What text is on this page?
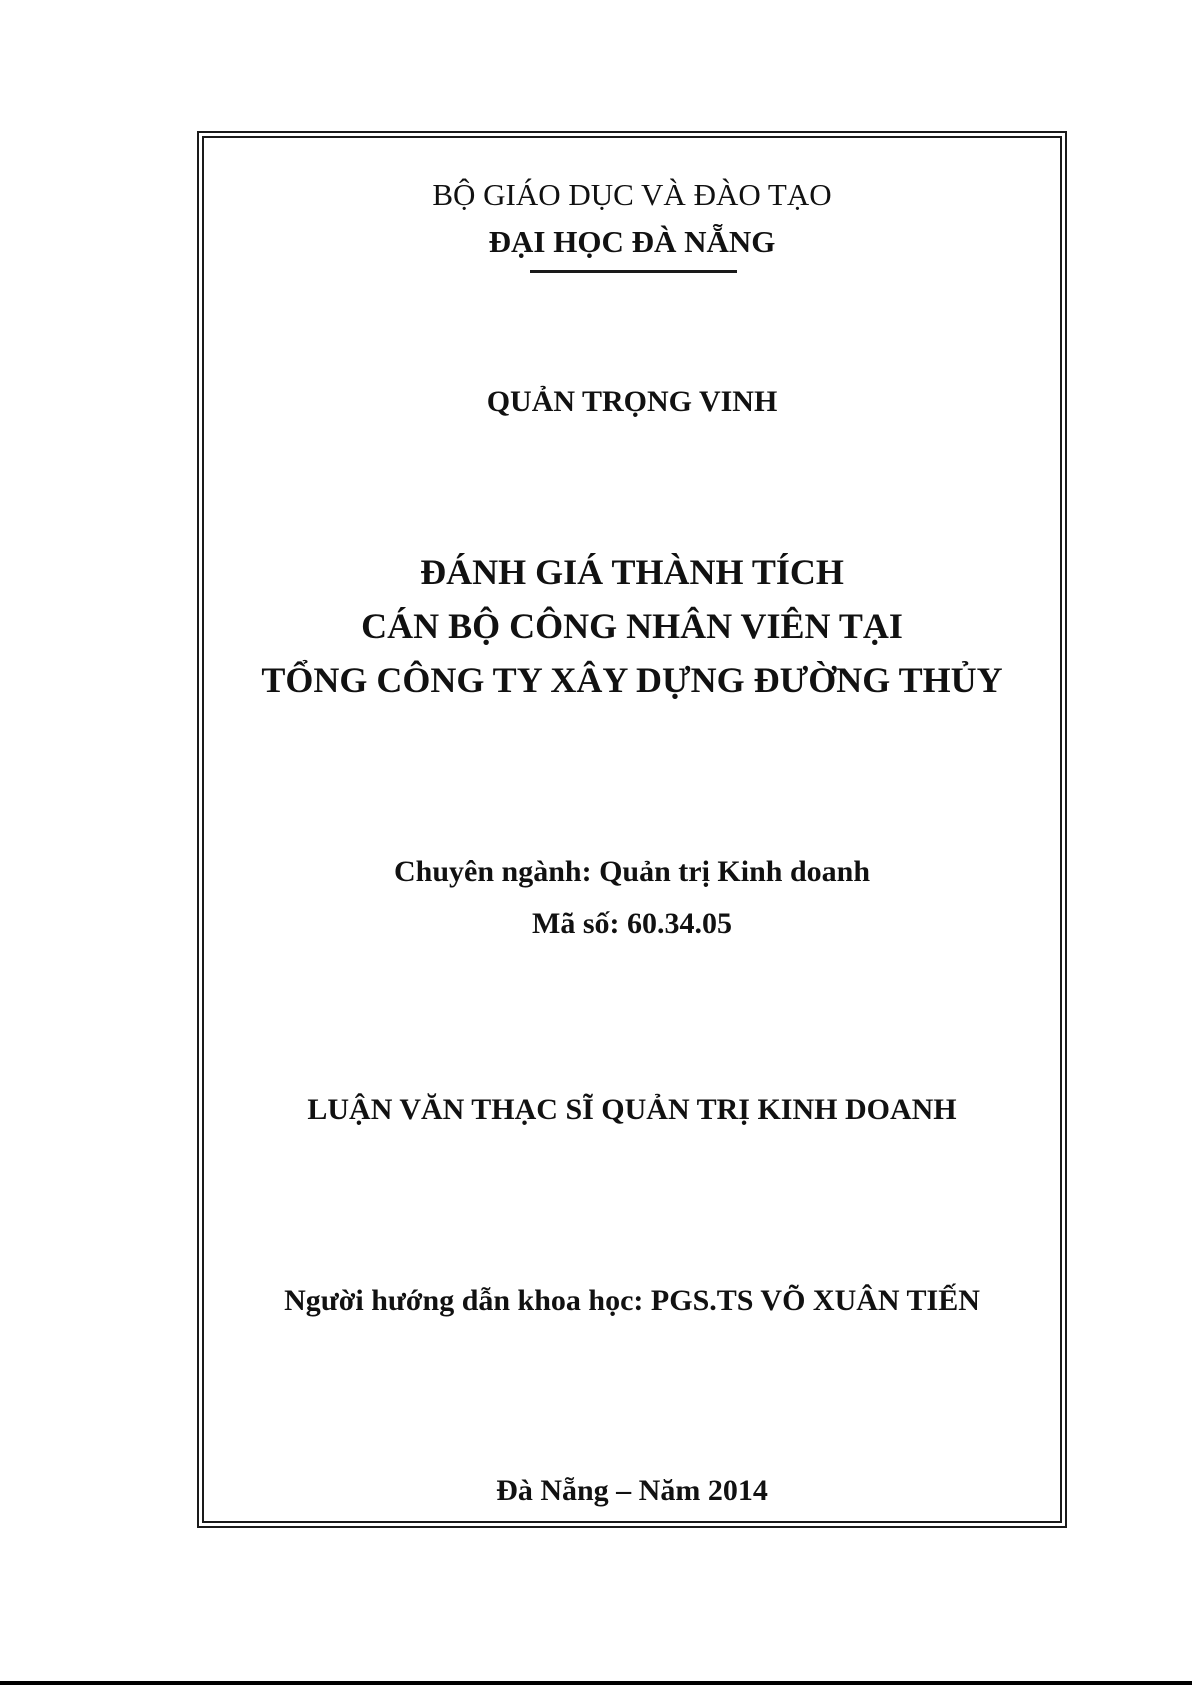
BỘ GIÁO DỤC VÀ ĐÀO TẠO
ĐẠI HỌC ĐÀ NẴNG
QUẢN TRỌNG VINH
ĐÁNH GIÁ THÀNH TÍCH
CÁN BỘ CÔNG NHÂN VIÊN TẠI
TỔNG CÔNG TY XÂY DỰNG ĐƯỜNG THỦY
Chuyên ngành: Quản trị Kinh doanh
Mã số: 60.34.05
LUẬN VĂN THẠC SĨ QUẢN TRỊ KINH DOANH
Người hướng dẫn khoa học: PGS.TS VÕ XUÂN TIẾN
Đà Nẵng – Năm 2014
